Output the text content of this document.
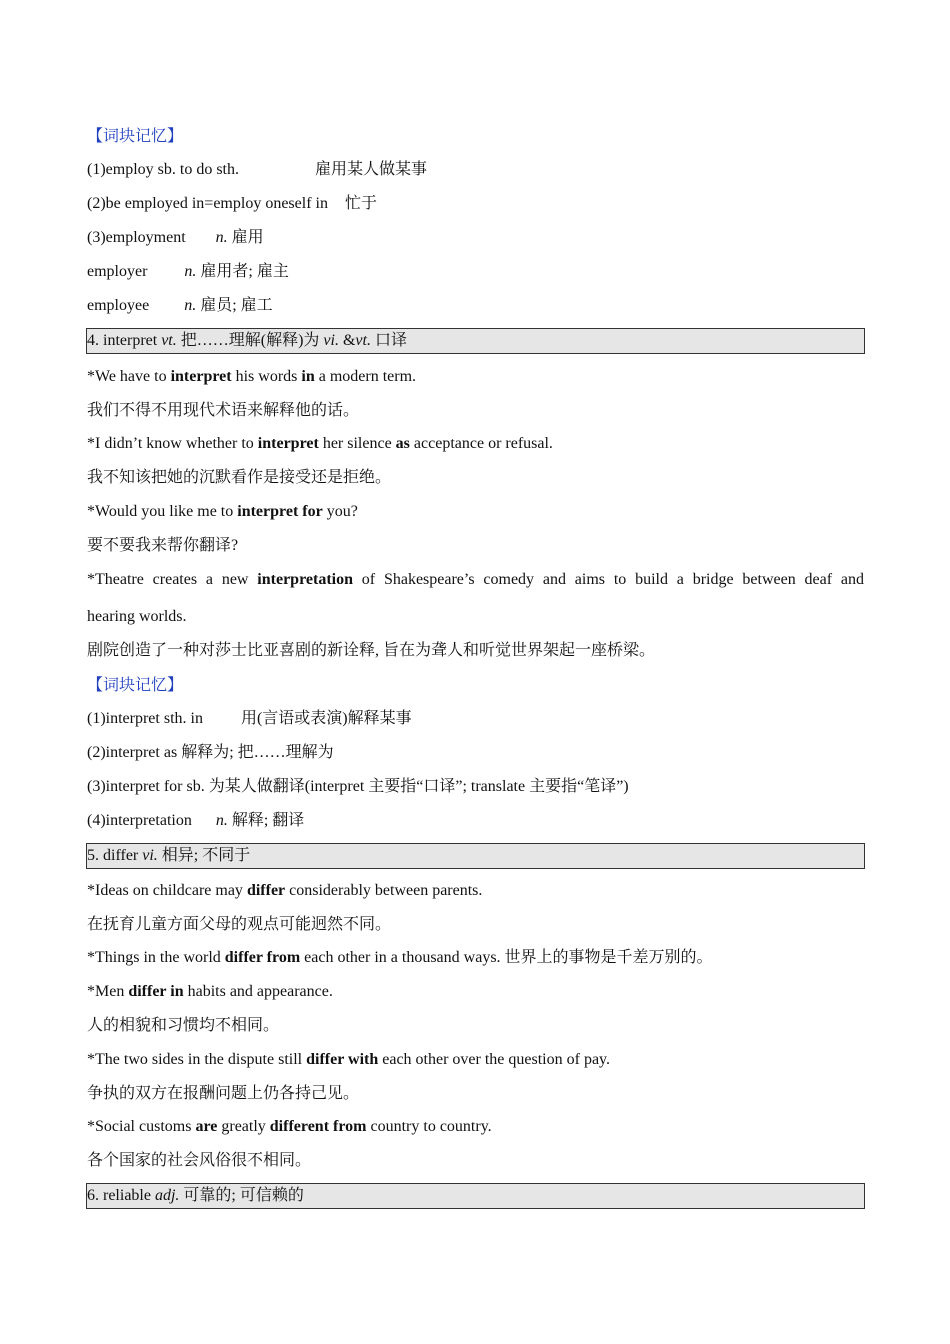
【词块记忆】
(1)employ sb. to do sth.	雇用某人做某事
(2)be employed in=employ oneself in 忙于
(3)employment n. 雇用
employer n. 雇用者; 雇主
employee n. 雇员; 雇工
4. interpret vt. 把……理解(解释)为 vi. &vt. 口译
*We have to interpret his words in a modern term.
我们不得不用现代术语来解释他的话。
*I didn’t know whether to interpret her silence as acceptance or refusal.
我不知该把她的沉默看作是接受还是拒绝。
*Would you like me to interpret for you?
要不要我来帮你翻译?
*Theatre creates a new interpretation of Shakespeare’s comedy and aims to build a bridge between deaf and
hearing worlds.
剧院创造了一种对莎士比亚喜剧的新诠释, 旨在为聋人和听觉世界架起一座桥梁。
【词块记忆】
(1)interpret sth. in 用(言语或表演)解释某事
(2)interpret as 解释为; 把……理解为
(3)interpret for sb. 为某人做翻译(interpret 主要指“口译”; translate 主要指“笔译”)
(4)interpretation n. 解释; 翻译
5. differ vi. 相异; 不同于
*Ideas on childcare may differ considerably between parents.
在抚育儿童方面父母的观点可能迥然不同。
*Things in the world differ from each other in a thousand ways. 世界上的事物是千差万别的。
*Men differ in habits and appearance.
人的相貌和习惯均不相同。
*The two sides in the dispute still differ with each other over the question of pay.
争执的双方在报酬问题上仍各持己见。
*Social customs are greatly different from country to country.
各个国家的社会风俗很不相同。
6. reliable adj. 可靠的; 可信赖的
